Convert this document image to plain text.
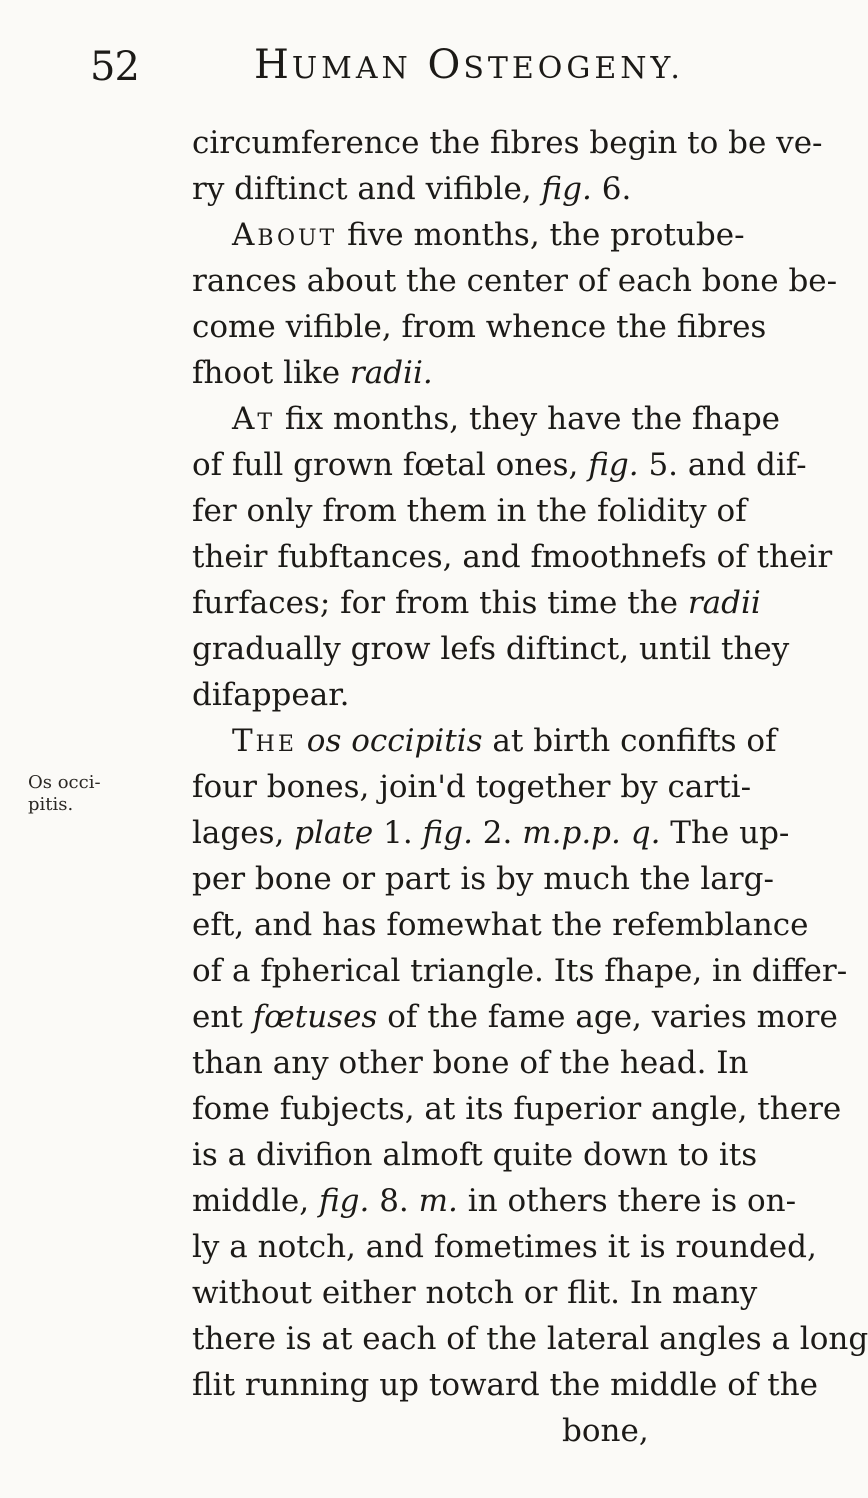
52	HUMAN OSTEOGENY.
Os occi-
pitis.
circumference the fibres begin to be ve-
ry diftinct and vifible, fig. 6.
About five months, the protube-
rances about the center of each bone be-
come vifible, from whence the fibres
fhoot like radii.
At fix months, they have the fhape
of full grown fœtal ones, fig. 5. and dif-
fer only from them in the folidity of
their fubftances, and fmoothnefs of their
furfaces; for from this time the radii
gradually grow lefs diftinct, until they
difappear.
The os occipitis at birth confifts of
four bones, join'd together by carti-
lages, plate 1. fig. 2. m.p.p. q. The up-
per bone or part is by much the larg-
eft, and has fomewhat the refemblance
of a fpherical triangle. Its fhape, in differ-
ent fœtuses of the fame age, varies more
than any other bone of the head. In
fome fubjects, at its fuperior angle, there
is a divifion almoft quite down to its
middle, fig. 8. m. in others there is on-
ly a notch, and fometimes it is rounded,
without either notch or flit. In many
there is at each of the lateral angles a long
flit running up toward the middle of the
bone,
